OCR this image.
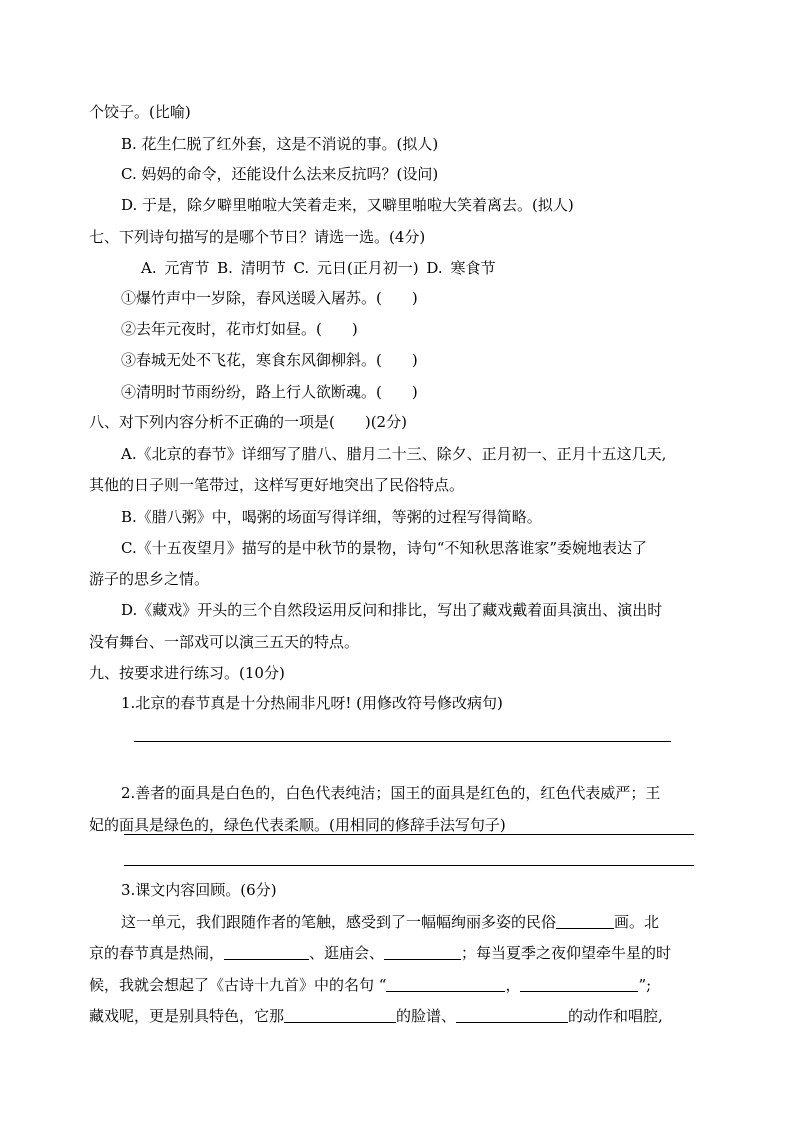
个饺子。(比喻)
B. 花生仁脱了红外套，这是不消说的事。(拟人)
C. 妈妈的命令，还能设什么法来反抗吗？(设问)
D. 于是，除夕噼里啪啦大笑着走来，又噼里啪啦大笑着离去。(拟人)
七、下列诗句描写的是哪个节日？请选一选。(4分)
A. 元宵节 B. 清明节 C. 元日(正月初一) D. 寒食节
①爆竹声中一岁除，春风送暖入屠苏。(　　)
②去年元夜时，花市灯如昼。(　　)
③春城无处不飞花，寒食东风御柳斜。(　　)
④清明时节雨纷纷，路上行人欲断魂。(　　)
八、对下列内容分析不正确的一项是(　　)(2分)
A.《北京的春节》详细写了腊八、腊月二十三、除夕、正月初一、正月十五这几天,
其他的日子则一笔带过，这样写更好地突出了民俗特点。
B.《腊八粥》中，喝粥的场面写得详细，等粥的过程写得简略。
C.《十五夜望月》描写的是中秋节的景物，诗句“不知秋思落谁家”委婉地表达了
游子的思乡之情。
D.《藏戏》开头的三个自然段运用反问和排比，写出了藏戏戴着面具演出、演出时
没有舞台、一部戏可以演三五天的特点。
九、按要求进行练习。(10分)
1.北京的春节真是十分热闹非凡呀! (用修改符号修改病句)
2.善者的面具是白色的，白色代表纯洁；国王的面具是红色的，红色代表威严；王
妃的面具是绿色的，绿色代表柔顺。(用相同的修辞手法写句子)
3.课文内容回顾。(6分)
这一单元，我们跟随作者的笔触，感受到了一幅幅绚丽多姿的民俗	画。北
京的春节真是热闹，	、逛庙会、	；每当夏季之夜仰望牵牛星的时
候，我就会想起了《古诗十九首》中的名句 “	，	”;
藏戏呢，更是别具特色，它那	的脸谱、	的动作和唱腔,
